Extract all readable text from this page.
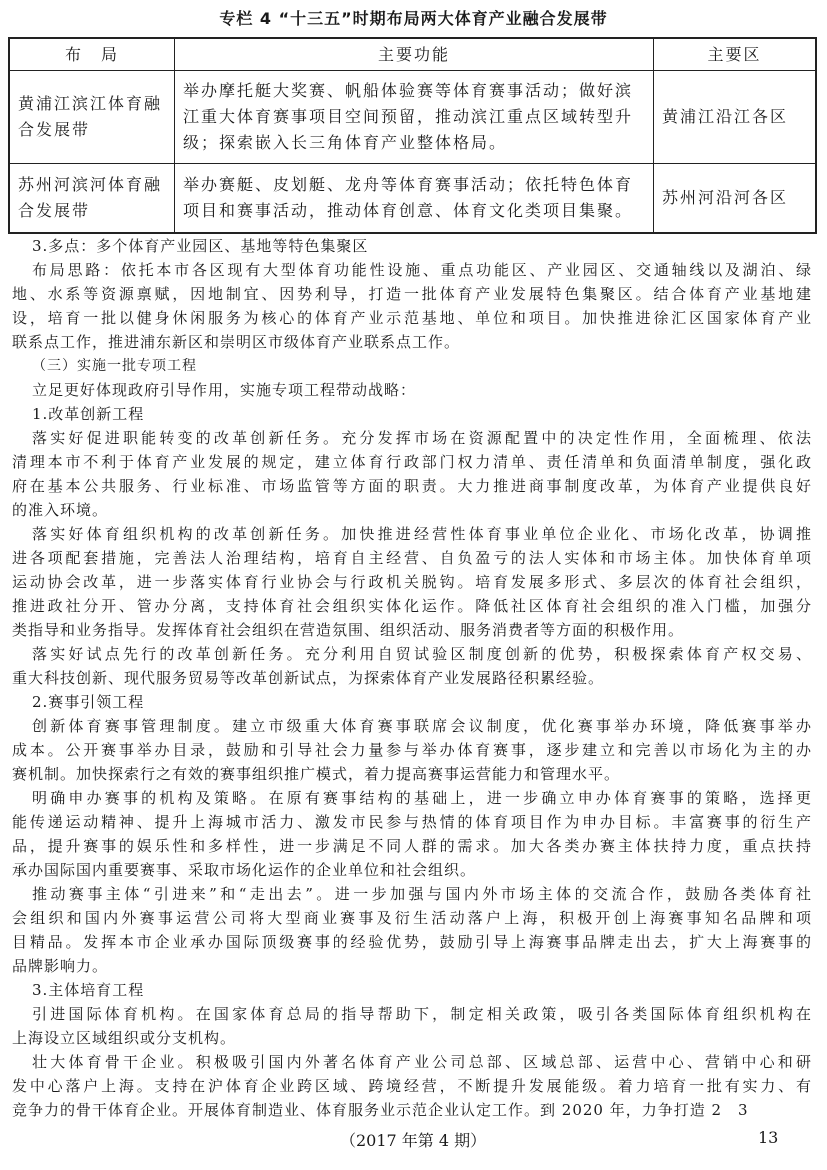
专栏 4 “十三五”时期布局两大体育产业融合发展带
布　局	主要功能	主要区
黄浦江滨江体育融合发展带	举办摩托艇大奖赛、帆船体验赛等体育赛事活动；做好滨江重大体育赛事项目空间预留，推动滨江重点区域转型升级；探索嵌入长三角体育产业整体格局。	黄浦江沿江各区
苏州河滨河体育融合发展带	举办赛艇、皮划艇、龙舟等体育赛事活动；依托特色体育项目和赛事活动，推动体育创意、体育文化类项目集聚。	苏州河沿河各区
3.多点：多个体育产业园区、基地等特色集聚区
布局思路：依托本市各区现有大型体育功能性设施、重点功能区、产业园区、交通轴线以及湖泊、绿
地、水系等资源禀赋，因地制宜、因势利导，打造一批体育产业发展特色集聚区。结合体育产业基地建
设，培育一批以健身休闲服务为核心的体育产业示范基地、单位和项目。加快推进徐汇区国家体育产业
联系点工作，推进浦东新区和崇明区市级体育产业联系点工作。
（三）实施一批专项工程
立足更好体现政府引导作用，实施专项工程带动战略：
1.改革创新工程
落实好促进职能转变的改革创新任务。充分发挥市场在资源配置中的决定性作用，全面梳理、依法
清理本市不利于体育产业发展的规定，建立体育行政部门权力清单、责任清单和负面清单制度，强化政
府在基本公共服务、行业标准、市场监管等方面的职责。大力推进商事制度改革，为体育产业提供良好
的准入环境。
落实好体育组织机构的改革创新任务。加快推进经营性体育事业单位企业化、市场化改革，协调推
进各项配套措施，完善法人治理结构，培育自主经营、自负盈亏的法人实体和市场主体。加快体育单项
运动协会改革，进一步落实体育行业协会与行政机关脱钩。培育发展多形式、多层次的体育社会组织，
推进政社分开、管办分离，支持体育社会组织实体化运作。降低社区体育社会组织的准入门槛，加强分
类指导和业务指导。发挥体育社会组织在营造氛围、组织活动、服务消费者等方面的积极作用。
落实好试点先行的改革创新任务。充分利用自贸试验区制度创新的优势，积极探索体育产权交易、
重大科技创新、现代服务贸易等改革创新试点，为探索体育产业发展路径积累经验。
2.赛事引领工程
创新体育赛事管理制度。建立市级重大体育赛事联席会议制度，优化赛事举办环境，降低赛事举办
成本。公开赛事举办目录，鼓励和引导社会力量参与举办体育赛事，逐步建立和完善以市场化为主的办
赛机制。加快探索行之有效的赛事组织推广模式，着力提高赛事运营能力和管理水平。
明确申办赛事的机构及策略。在原有赛事结构的基础上，进一步确立申办体育赛事的策略，选择更
能传递运动精神、提升上海城市活力、激发市民参与热情的体育项目作为申办目标。丰富赛事的衍生产
品，提升赛事的娱乐性和多样性，进一步满足不同人群的需求。加大各类办赛主体扶持力度，重点扶持
承办国际国内重要赛事、采取市场化运作的企业单位和社会组织。
推动赛事主体“引进来”和“走出去”。进一步加强与国内外市场主体的交流合作，鼓励各类体育社
会组织和国内外赛事运营公司将大型商业赛事及衍生活动落户上海，积极开创上海赛事知名品牌和项
目精品。发挥本市企业承办国际顶级赛事的经验优势，鼓励引导上海赛事品牌走出去，扩大上海赛事的
品牌影响力。
3.主体培育工程
引进国际体育机构。在国家体育总局的指导帮助下，制定相关政策，吸引各类国际体育组织机构在
上海设立区域组织或分支机构。
壮大体育骨干企业。积极吸引国内外著名体育产业公司总部、区域总部、运营中心、营销中心和研
发中心落户上海。支持在沪体育企业跨区域、跨境经营，不断提升发展能级。着力培育一批有实力、有
竞争力的骨干体育企业。开展体育制造业、体育服务业示范企业认定工作。到 2020 年，力争打造 2　3
（2017 年第 4 期）	13
